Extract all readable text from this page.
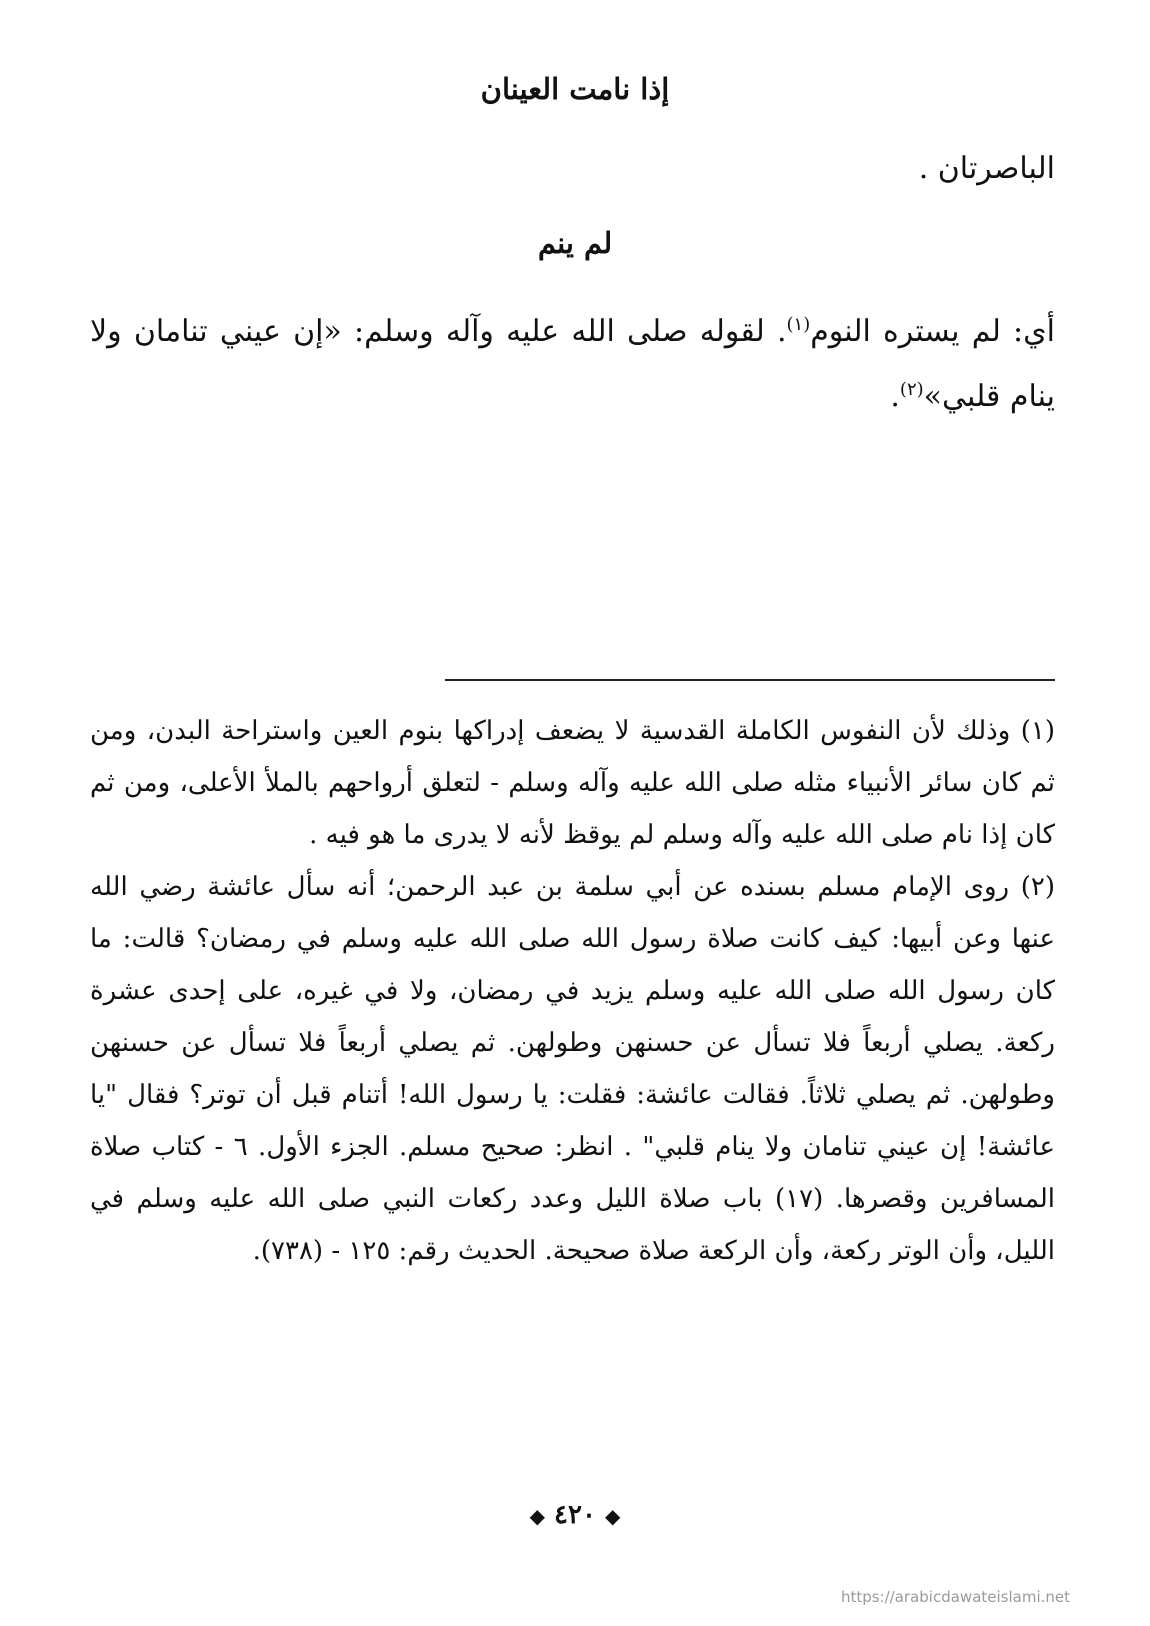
إذا نامت العينان
الباصرتان .
لم ينم
أي: لم يستره النوم$^{(١)}$. لقوله صلى الله عليه وآله وسلم: «إن عيني تنامان ولا ينام قلبي»$^{(٢)}$.

(١) وذلك لأن النفوس الكاملة القدسية لا يضعف إدراكها بنوم العين واستراحة البدن، ومن ثم كان سائر الأنبياء مثله صلى الله عليه وآله وسلم - لتعلق أرواحهم بالملأ الأعلى، ومن ثم كان إذا نام صلى الله عليه وآله وسلم لم يوقظ لأنه لا يدرى ما هو فيه .

(٢) روى الإمام مسلم بسنده عن أبي سلمة بن عبد الرحمن؛ أنه سأل عائشة رضي الله عنها وعن أبيها: كيف كانت صلاة رسول الله صلى الله عليه وسلم في رمضان؟ قالت: ما كان رسول الله صلى الله عليه وسلم يزيد في رمضان، ولا في غيره، على إحدى عشرة ركعة. يصلي أربعاً فلا تسأل عن حسنهن وطولهن. ثم يصلي أربعاً فلا تسأل عن حسنهن وطولهن. ثم يصلي ثلاثاً. فقالت عائشة: فقلت: يا رسول الله! أتنام قبل أن توتر؟ فقال "يا عائشة! إن عيني تنامان ولا ينام قلبي" . انظر: صحيح مسلم. الجزء الأول. ٦ - كتاب صلاة المسافرين وقصرها. (١٧) باب صلاة الليل وعدد ركعات النبي صلى الله عليه وسلم في الليل، وأن الوتر ركعة، وأن الركعة صلاة صحيحة. الحديث رقم: ١٢٥ - (٧٣٨).

◆ ٤٢٠ ◆
https://arabicdawateislami.net
